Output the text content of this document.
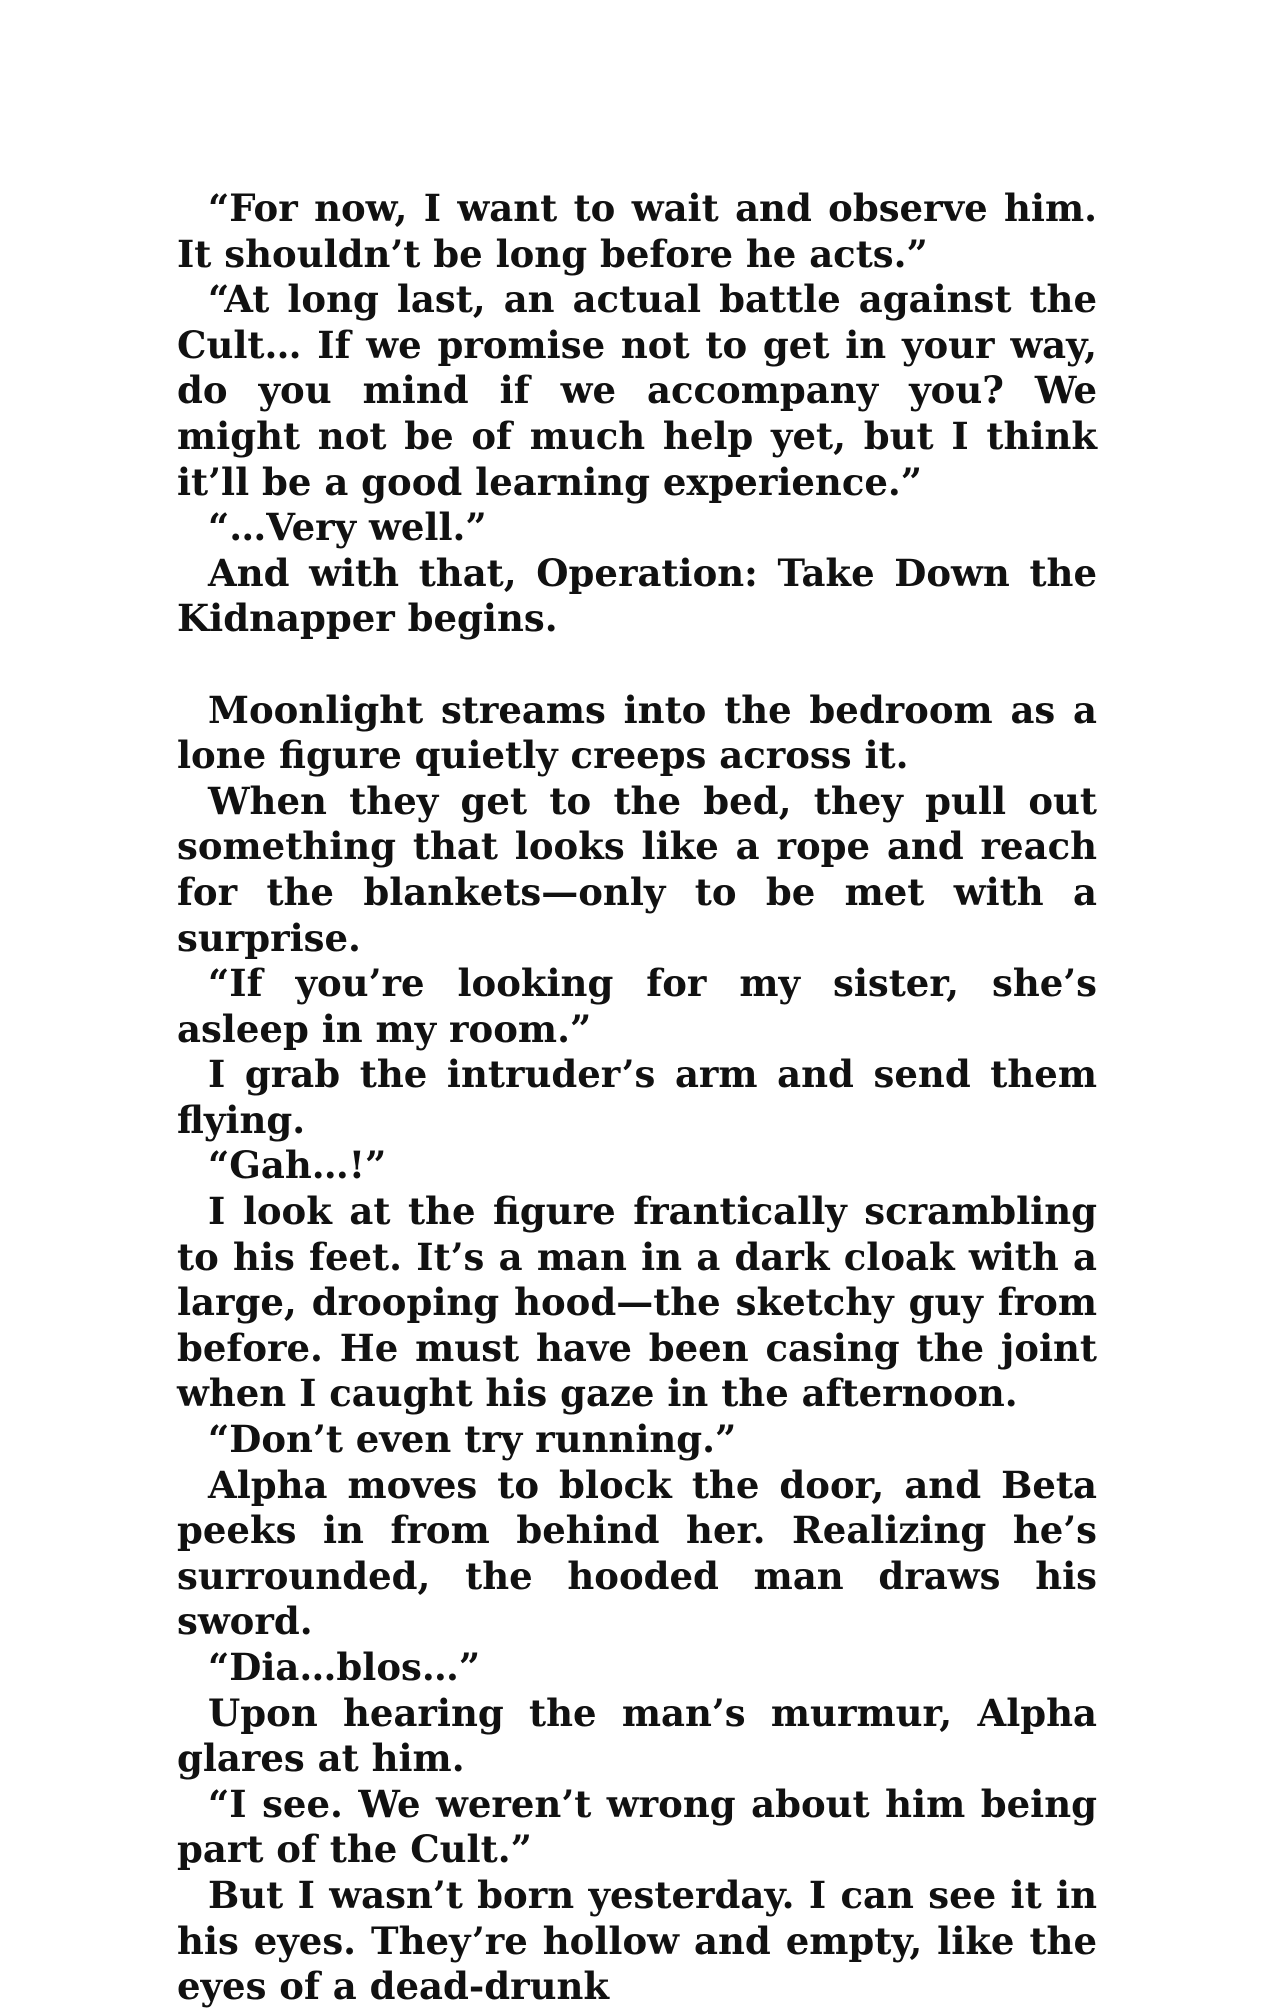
“For now, I want to wait and observe him. It shouldn’t be long before he acts.”

“At long last, an actual battle against the Cult… If we promise not to get in your way, do you mind if we accompany you? We might not be of much help yet, but I think it’ll be a good learning experience.”

“…Very well.”

And with that, Operation: Take Down the Kidnapper begins.

Moonlight streams into the bedroom as a lone figure quietly creeps across it.

When they get to the bed, they pull out something that looks like a rope and reach for the blankets—only to be met with a surprise.

“If you’re looking for my sister, she’s asleep in my room.”

I grab the intruder’s arm and send them flying.

“Gah…!”

I look at the figure frantically scrambling to his feet. It’s a man in a dark cloak with a large, drooping hood—the sketchy guy from before. He must have been casing the joint when I caught his gaze in the afternoon.

“Don’t even try running.”

Alpha moves to block the door, and Beta peeks in from behind her. Realizing he’s surrounded, the hooded man draws his sword.

“Dia…blos…”

Upon hearing the man’s murmur, Alpha glares at him.

“I see. We weren’t wrong about him being part of the Cult.”

But I wasn’t born yesterday. I can see it in his eyes. They’re hollow and empty, like the eyes of a dead-drunk
